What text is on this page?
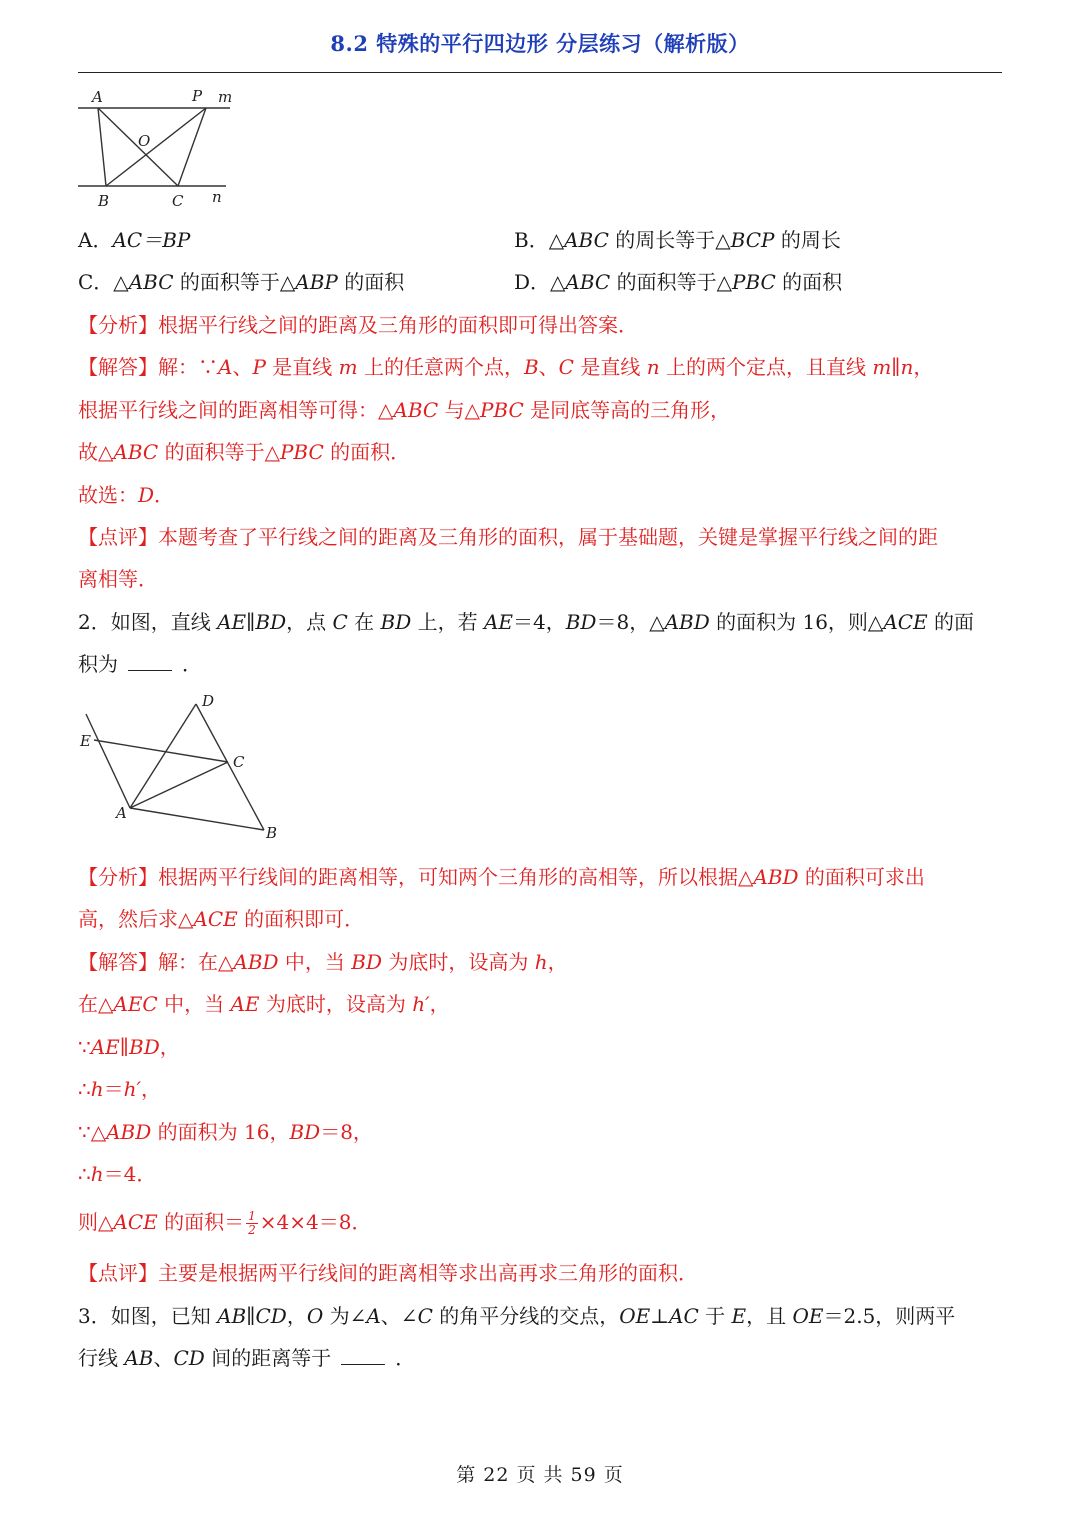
8.2 特殊的平行四边形 分层练习（解析版）
A	P m
O
B	C n
A．AC＝BP	B．△ABC 的周长等于△BCP 的周长
C．△ABC 的面积等于△ABP 的面积	D．△ABC 的面积等于△PBC 的面积
【分析】根据平行线之间的距离及三角形的面积即可得出答案．
【解答】解：∵A、P 是直线 m 上的任意两个点，B、C 是直线 n 上的两个定点，且直线 m∥n，
根据平行线之间的距离相等可得：△ABC 与△PBC 是同底等高的三角形，
故△ABC 的面积等于△PBC 的面积．
故选：D．
【点评】本题考查了平行线之间的距离及三角形的面积，属于基础题，关键是掌握平行线之间的距
离相等．
2．如图，直线 AE∥BD，点 C 在 BD 上，若 AE＝4，BD＝8，△ABD 的面积为 16，则△ACE 的面
积为	．
D
E
C
A
B
【分析】根据两平行线间的距离相等，可知两个三角形的高相等，所以根据△ABD 的面积可求出
高，然后求△ACE 的面积即可．
【解答】解：在△ABD 中，当 BD 为底时，设高为 h，
在△AEC 中，当 AE 为底时，设高为 h′，
∵AE∥BD，
∴h＝h′，
∵△ABD 的面积为 16，BD＝8，
∴h＝4．
则△ACE 的面积＝ $\frac{1}{2} \times 4\times 4=8$．
【点评】主要是根据两平行线间的距离相等求出高再求三角形的面积．
3．如图，已知 AB∥CD，O 为∠A、∠C 的角平分线的交点，OE⊥AC 于 E，且 OE＝2.5，则两平
行线 AB、CD 间的距离等于	．
第 22 页 共 59 页
